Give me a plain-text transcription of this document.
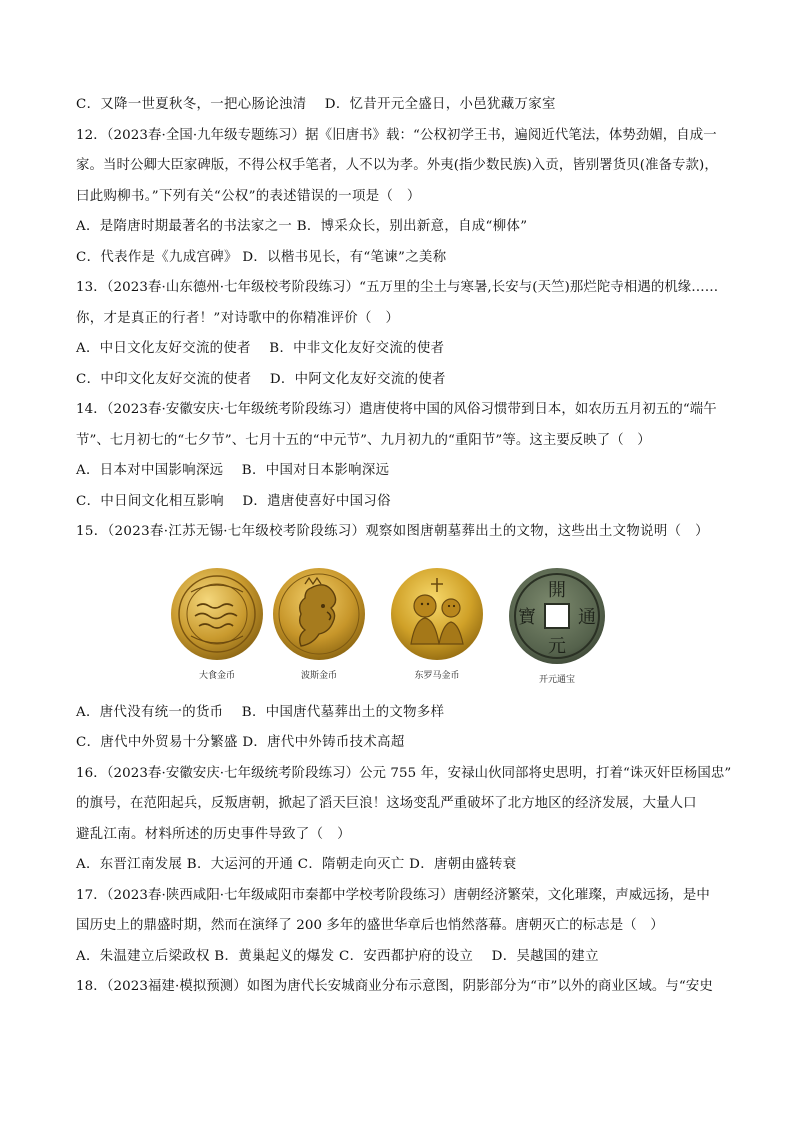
C．又降一世夏秋冬，一把心肠论浊清　 D．忆昔开元全盛日，小邑犹藏万家室
12．（2023春·全国·九年级专题练习）据《旧唐书》载：“公权初学王书，遍阅近代笔法，体势劲媚，自成一
家。当时公卿大臣家碑版，不得公权手笔者，人不以为孝。外夷(指少数民族)入贡，皆别署货贝(准备专款)，
曰此购柳书。”下列有关“公权”的表述错误的一项是（　）
A．是隋唐时期最著名的书法家之一 B．博采众长，别出新意，自成“柳体”
C．代表作是《九成宫碑》 D．以楷书见长，有“笔谏”之美称
13．（2023春·山东德州·七年级校考阶段练习）“五万里的尘土与寒暑,长安与(天竺)那烂陀寺相遇的机缘……
你，才是真正的行者！”对诗歌中的你精准评价（　）
A．中日文化友好交流的使者　 B．中非文化友好交流的使者
C．中印文化友好交流的使者　 D．中阿文化友好交流的使者
14．（2023春·安徽安庆·七年级统考阶段练习）遣唐使将中国的风俗习惯带到日本，如农历五月初五的“端午
节”、七月初七的“七夕节”、七月十五的“中元节”、九月初九的“重阳节”等。这主要反映了（　）
A．日本对中国影响深远　 B．中国对日本影响深远
C．中日间文化相互影响　 D．遣唐使喜好中国习俗
15．（2023春·江苏无锡·七年级校考阶段练习）观察如图唐朝墓葬出土的文物，这些出土文物说明（　）
大食金币	波斯金币	东罗马金币
開
元
通
寶
开元通宝
A．唐代没有统一的货币　 B．中国唐代墓葬出土的文物多样
C．唐代中外贸易十分繁盛 D．唐代中外铸币技术高超
16．（2023春·安徽安庆·七年级统考阶段练习）公元 755 年，安禄山伙同部将史思明，打着“诛灭奸臣杨国忠”
的旗号，在范阳起兵，反叛唐朝，掀起了滔天巨浪！这场变乱严重破坏了北方地区的经济发展，大量人口
避乱江南。材料所述的历史事件导致了（　）
A．东晋江南发展 B．大运河的开通 C．隋朝走向灭亡 D．唐朝由盛转衰
17．（2023春·陕西咸阳·七年级咸阳市秦都中学校考阶段练习）唐朝经济繁荣，文化璀璨，声威远扬，是中
国历史上的鼎盛时期，然而在演绎了 200 多年的盛世华章后也悄然落幕。唐朝灭亡的标志是（　）
A．朱温建立后梁政权 B．黄巢起义的爆发 C．安西都护府的设立　 D．吴越国的建立
18．（2023福建·模拟预测）如图为唐代长安城商业分布示意图，阴影部分为“市”以外的商业区域。与“安史
